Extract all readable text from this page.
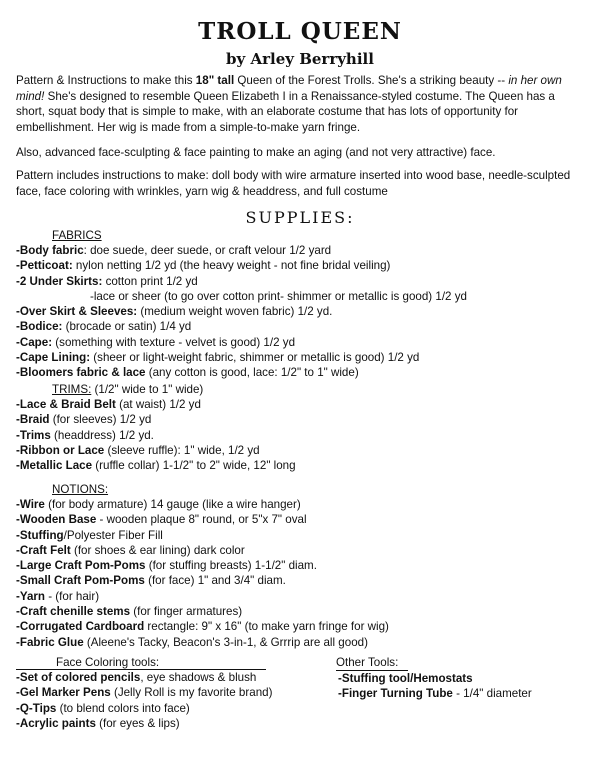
TROLL QUEEN
by Arley Berryhill

Pattern & Instructions to make this 18" tall Queen of the Forest Trolls. She's a striking beauty -- in her own mind! She's designed to resemble Queen Elizabeth I in a Renaissance-styled costume. The Queen has a short, squat body that is simple to make, with an elaborate costume that has lots of opportunity for embellishment. Her wig is made from a simple-to-make yarn fringe.

Also, advanced face-sculpting & face painting to make an aging (and not very attractive) face.

Pattern includes instructions to make: doll body with wire armature inserted into wood base, needle-sculpted face, face coloring with wrinkles, yarn wig & headdress, and full costume

SUPPLIES:
FABRICS
-Body fabric: doe suede, deer suede, or craft velour 1/2 yard
-Petticoat: nylon netting 1/2 yd (the heavy weight - not fine bridal veiling)
-2 Under Skirts: cotton print 1/2 yd
-lace or sheer (to go over cotton print- shimmer or metallic is good) 1/2 yd
-Over Skirt & Sleeves: (medium weight woven fabric) 1/2 yd.
-Bodice: (brocade or satin) 1/4 yd
-Cape: (something with texture - velvet is good) 1/2 yd
-Cape Lining: (sheer or light-weight fabric, shimmer or metallic is good) 1/2 yd
-Bloomers fabric & lace (any cotton is good, lace: 1/2" to 1" wide)
TRIMS: (1/2" wide to 1" wide)
-Lace & Braid Belt (at waist) 1/2 yd
-Braid (for sleeves) 1/2 yd
-Trims (headdress) 1/2 yd.
-Ribbon or Lace (sleeve ruffle): 1" wide, 1/2 yd
-Metallic Lace (ruffle collar) 1-1/2" to 2" wide, 12" long
NOTIONS:
-Wire (for body armature) 14 gauge (like a wire hanger)
-Wooden Base - wooden plaque 8" round, or 5"x 7" oval
-Stuffing/Polyester Fiber Fill
-Craft Felt (for shoes & ear lining) dark color
-Large Craft Pom-Poms (for stuffing breasts) 1-1/2" diam.
-Small Craft Pom-Poms (for face) 1" and 3/4" diam.
-Yarn - (for hair)
-Craft chenille stems (for finger armatures)
-Corrugated Cardboard rectangle: 9" x 16" (to make yarn fringe for wig)
-Fabric Glue (Aleene's Tacky, Beacon's 3-in-1, & Grrrip are all good)
Face Coloring tools:
-Set of colored pencils, eye shadows & blush
-Gel Marker Pens (Jelly Roll is my favorite brand)
-Q-Tips (to blend colors into face)
-Acrylic paints (for eyes & lips)
Other Tools:
-Stuffing tool/Hemostats
-Finger Turning Tube - 1/4" diameter
